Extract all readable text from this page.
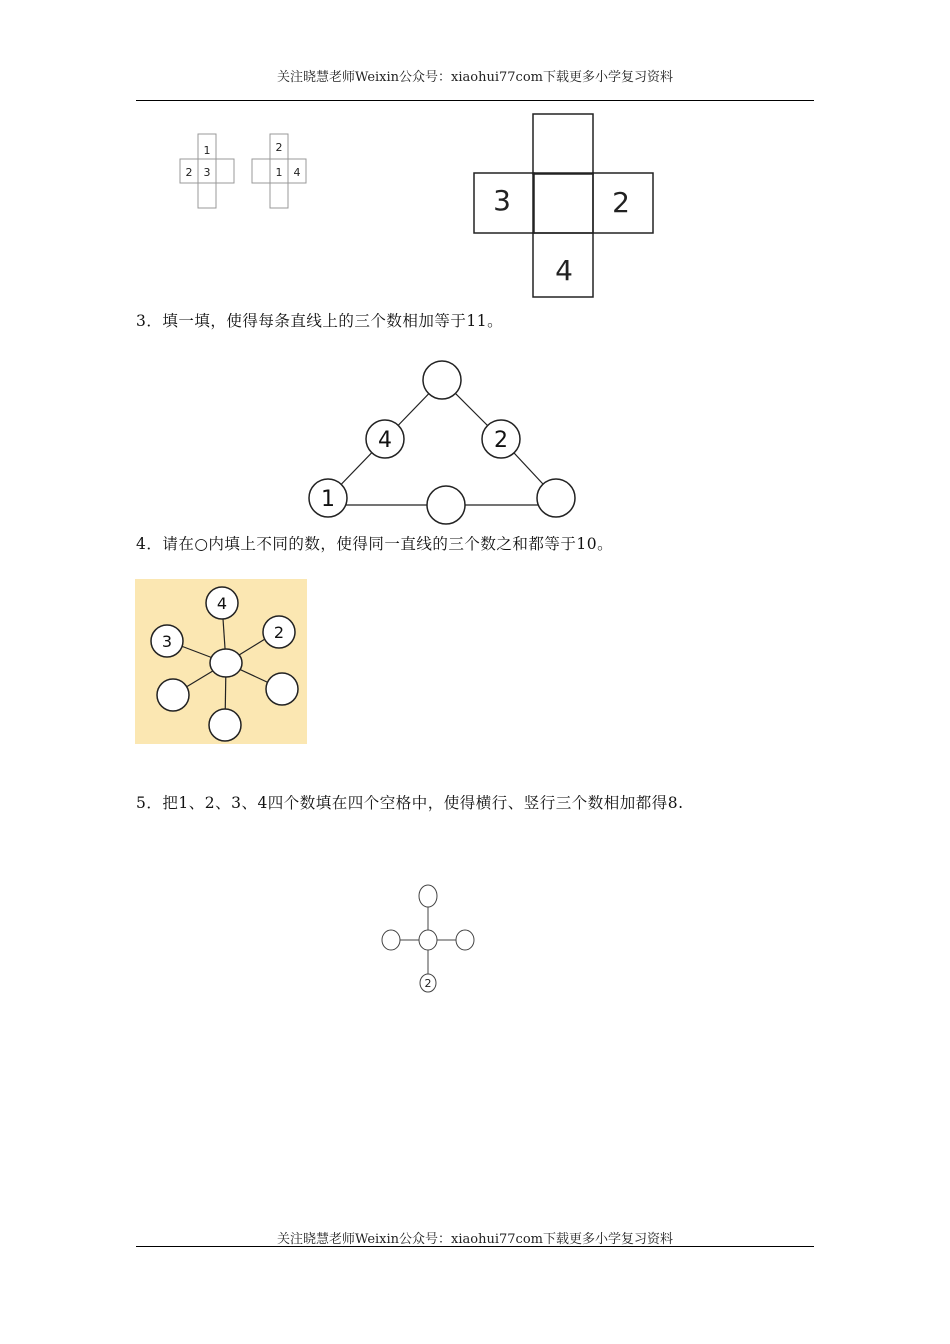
关注晓慧老师Weixin公众号：xiaohui77com下载更多小学复习资料
1
2 3
2
1 4
3	2
4
3．填一填，使得每条直线上的三个数相加等于11。
4	2
1
4．请在○内填上不同的数，使得同一直线的三个数之和都等于10。
4
3	2
5．把1、2、3、4四个数填在四个空格中，使得横行、竖行三个数相加都得8.
2
关注晓慧老师Weixin公众号：xiaohui77com下载更多小学复习资料
